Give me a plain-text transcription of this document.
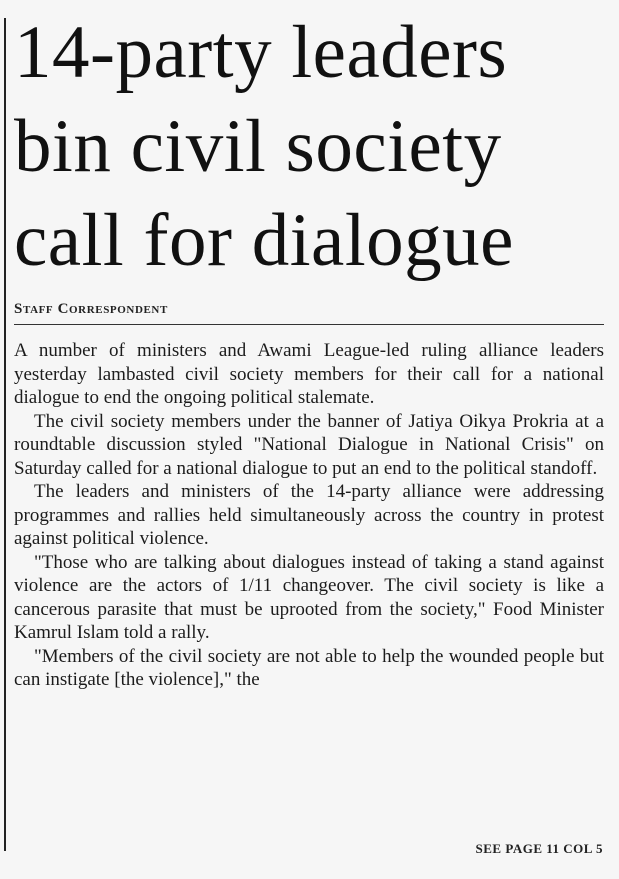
14-party leaders
bin civil society
call for dialogue
Staff Correspondent

A number of ministers and Awami League-led ruling alliance leaders yesterday lambasted civil society members for their call for a national dialogue to end the ongoing political stalemate.

The civil society members under the banner of Jatiya Oikya Prokria at a roundtable discussion styled "National Dialogue in National Crisis" on Saturday called for a national dialogue to put an end to the political standoff.

The leaders and ministers of the 14-party alliance were addressing programmes and rallies held simultaneously across the country in protest against political violence.

"Those who are talking about dialogues instead of taking a stand against violence are the actors of 1/11 changeover. The civil society is like a cancerous parasite that must be uprooted from the society," Food Minister Kamrul Islam told a rally.

"Members of the civil society are not able to help the wounded people but can instigate [the violence]," the

SEE PAGE 11 COL 5
